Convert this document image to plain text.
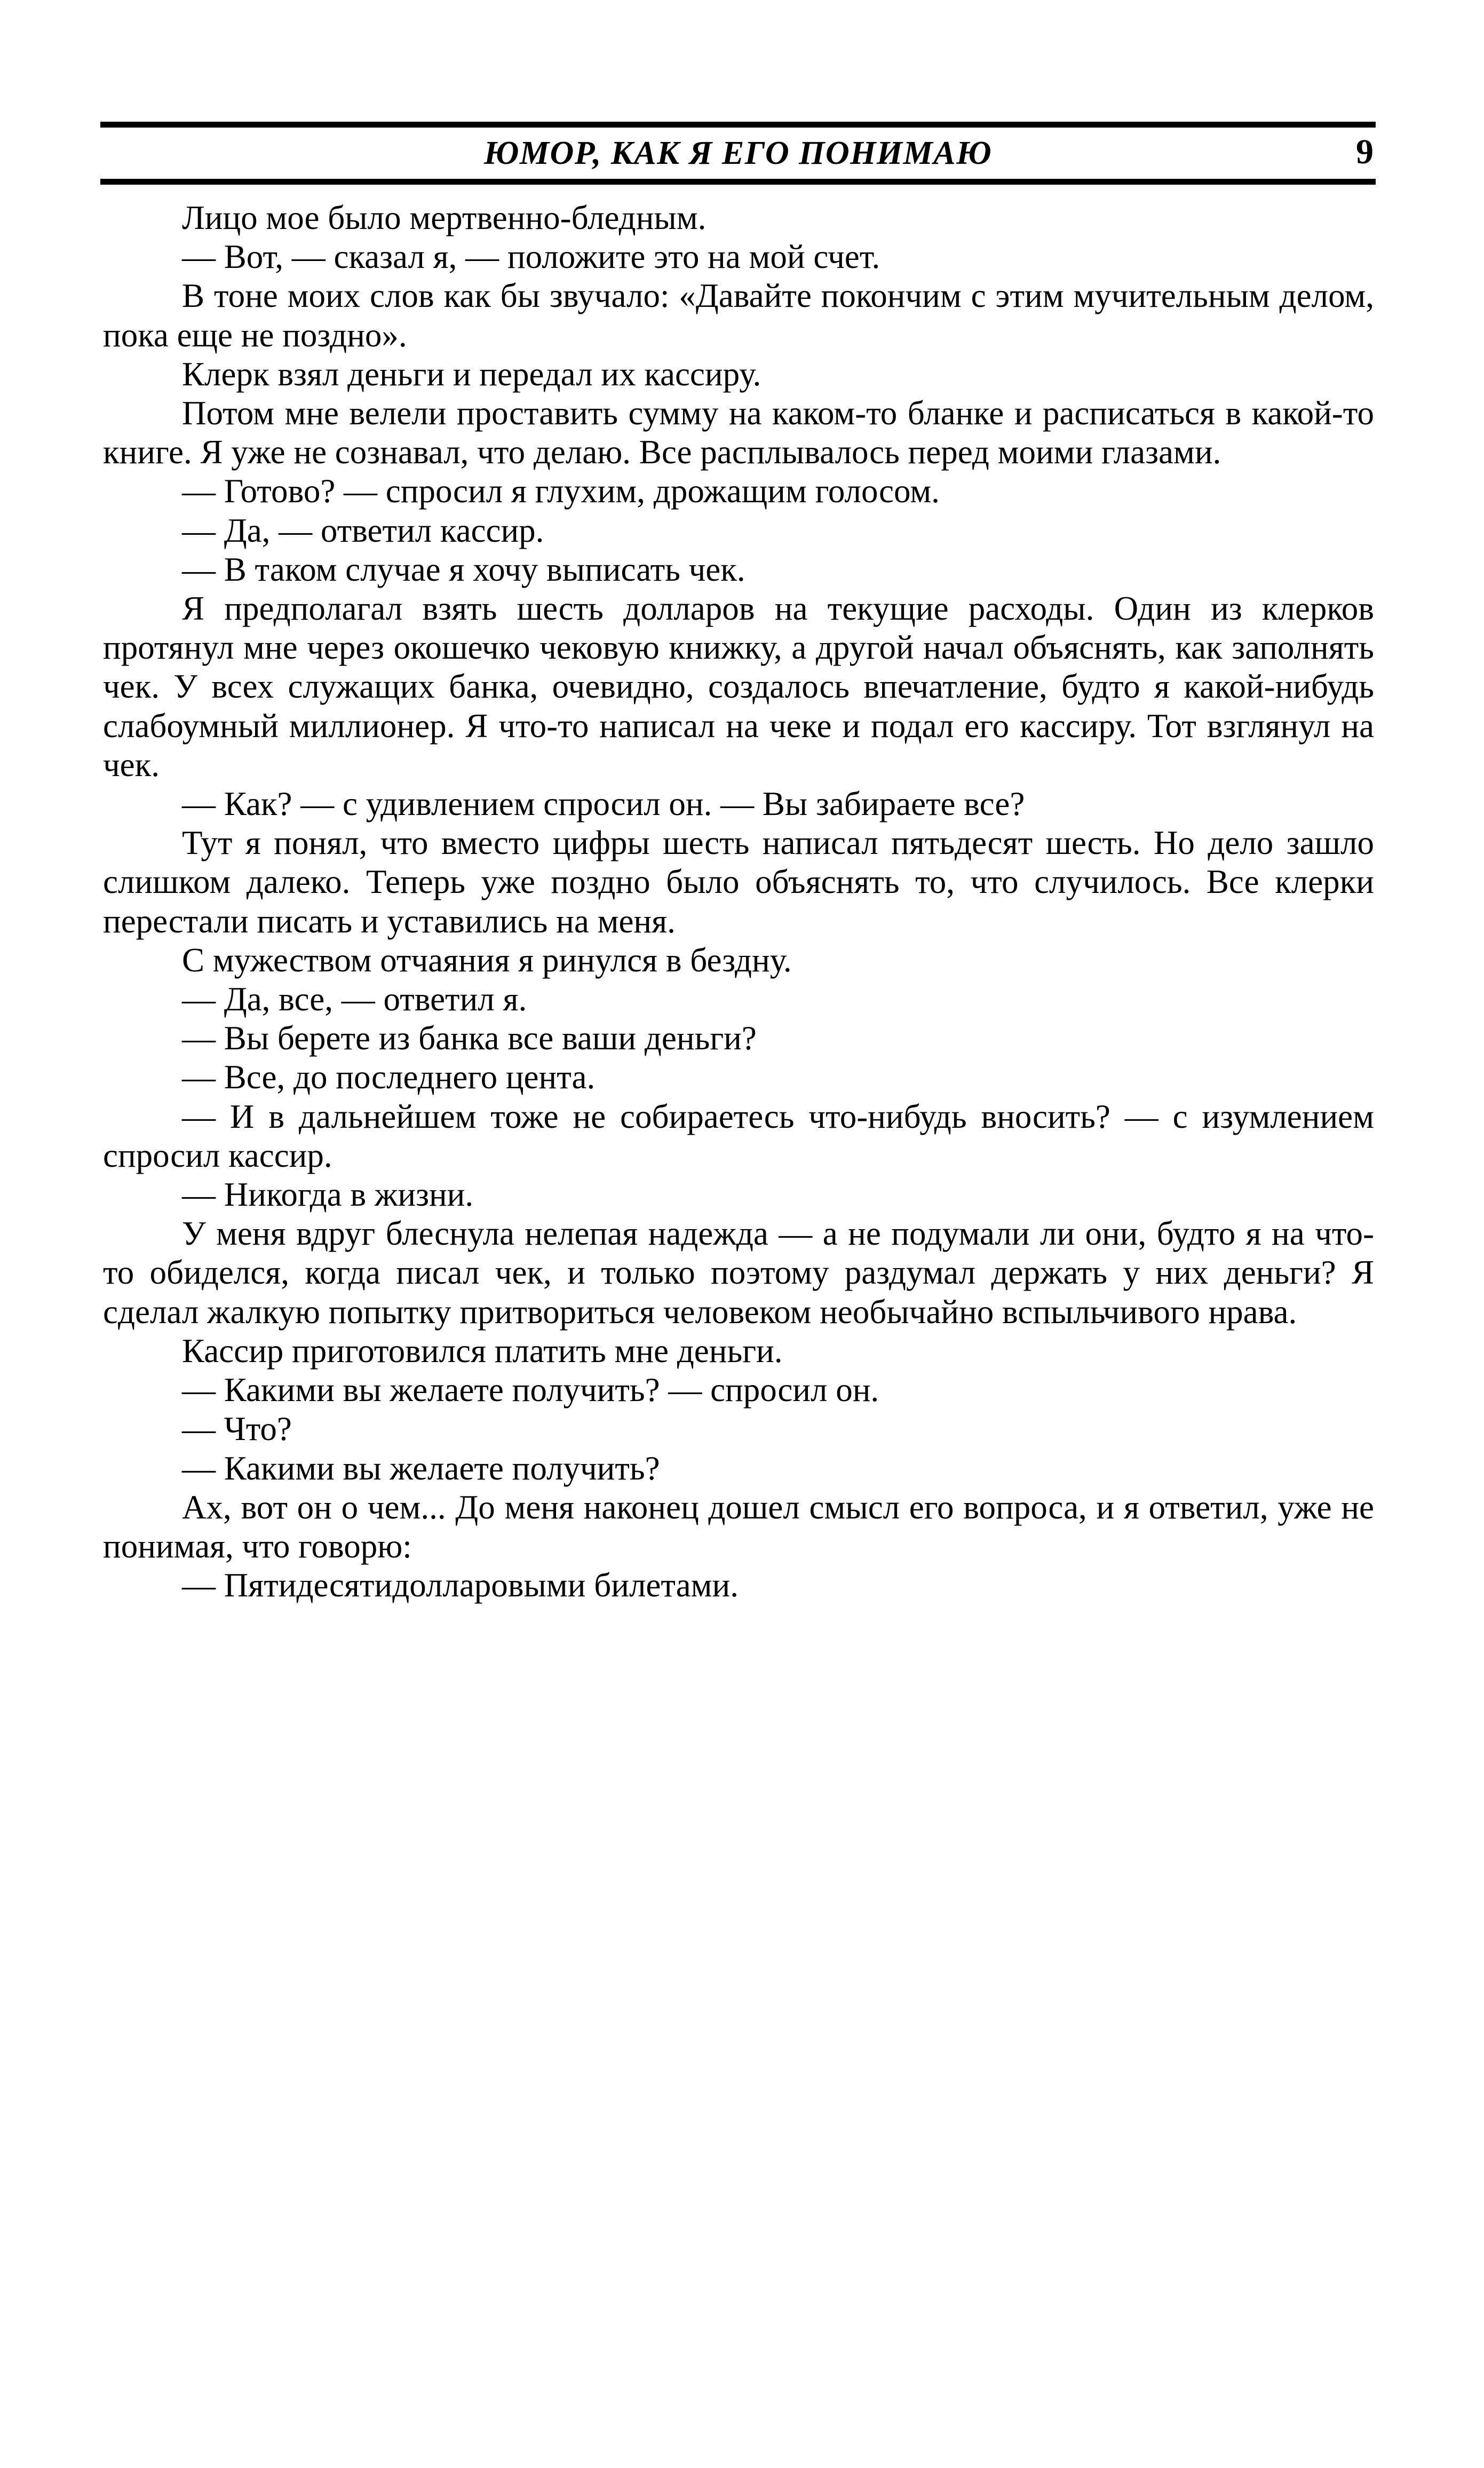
ЮМОР, КАК Я ЕГО ПОНИМАЮ	9

Лицо мое было мертвенно-бледным.

— Вот, — сказал я, — положите это на мой счет.

В тоне моих слов как бы звучало: «Давайте покончим с этим мучительным делом, пока еще не поздно».

Клерк взял деньги и передал их кассиру.

Потом мне велели проставить сумму на каком-то бланке и расписаться в какой-то книге. Я уже не сознавал, что делаю. Все расплывалось перед моими глазами.

— Готово? — спросил я глухим, дрожащим голосом.

— Да, — ответил кассир.

— В таком случае я хочу выписать чек.

Я предполагал взять шесть долларов на текущие расходы. Один из клерков протянул мне через окошечко чековую книжку, а другой начал объяснять, как заполнять чек. У всех служащих банка, очевидно, создалось впечатление, будто я какой-нибудь слабоумный миллионер. Я что-то написал на чеке и подал его кассиру. Тот взглянул на чек.

— Как? — с удивлением спросил он. — Вы забираете все?

Тут я понял, что вместо цифры шесть написал пятьдесят шесть. Но дело зашло слишком далеко. Теперь уже поздно было объяснять то, что случилось. Все клерки перестали писать и уставились на меня.

С мужеством отчаяния я ринулся в бездну.

— Да, все, — ответил я.

— Вы берете из банка все ваши деньги?

— Все, до последнего цента.

— И в дальнейшем тоже не собираетесь что-нибудь вносить? — с изумлением спросил кассир.

— Никогда в жизни.

У меня вдруг блеснула нелепая надежда — а не подумали ли они, будто я на что-то обиделся, когда писал чек, и только поэтому раздумал держать у них деньги? Я сделал жалкую попытку притвориться человеком необычайно вспыльчивого нрава.

Кассир приготовился платить мне деньги.

— Какими вы желаете получить? — спросил он.

— Что?

— Какими вы желаете получить?

Ах, вот он о чем... До меня наконец дошел смысл его вопроса, и я ответил, уже не понимая, что говорю:

— Пятидесятидолларовыми билетами.
